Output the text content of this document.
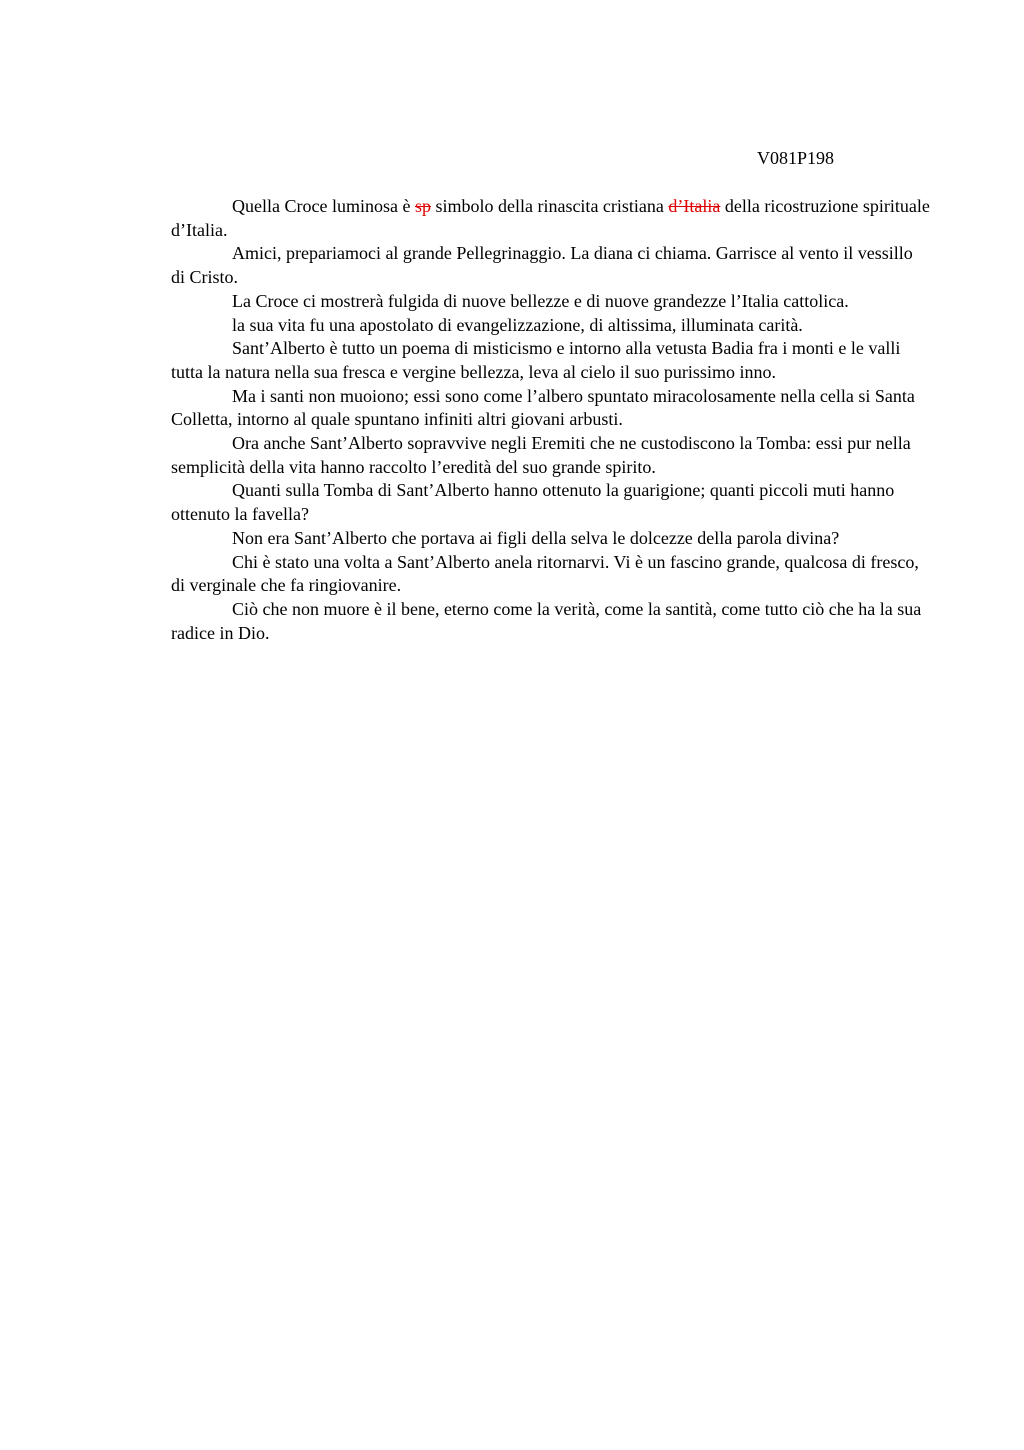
V081P198

Quella Croce luminosa è sp simbolo della rinascita cristiana d’Italia della ricostruzione spirituale d’Italia.

Amici, prepariamoci al grande Pellegrinaggio. La diana ci chiama. Garrisce al vento il vessillo di Cristo.

La Croce ci mostrerà fulgida di nuove bellezze e di nuove grandezze l’Italia cattolica.

la sua vita fu una apostolato di evangelizzazione, di altissima, illuminata carità.

Sant’Alberto è tutto un poema di misticismo e intorno alla vetusta Badia fra i monti e le valli tutta la natura nella sua fresca e vergine bellezza, leva al cielo il suo purissimo inno.

Ma i santi non muoiono; essi sono come l’albero spuntato miracolosamente nella cella si Santa Colletta, intorno al quale spuntano infiniti altri giovani arbusti.

Ora anche Sant’Alberto sopravvive negli Eremiti che ne custodiscono la Tomba: essi pur nella semplicità della vita hanno raccolto l’eredità del suo grande spirito.

Quanti sulla Tomba di Sant’Alberto hanno ottenuto la guarigione; quanti piccoli muti hanno ottenuto la favella?

Non era Sant’Alberto che portava ai figli della selva le dolcezze della parola divina?

Chi è stato una volta a Sant’Alberto anela ritornarvi. Vi è un fascino grande, qualcosa di fresco, di verginale che fa ringiovanire.

Ciò che non muore è il bene, eterno come la verità, come la santità, come tutto ciò che ha la sua radice in Dio.
